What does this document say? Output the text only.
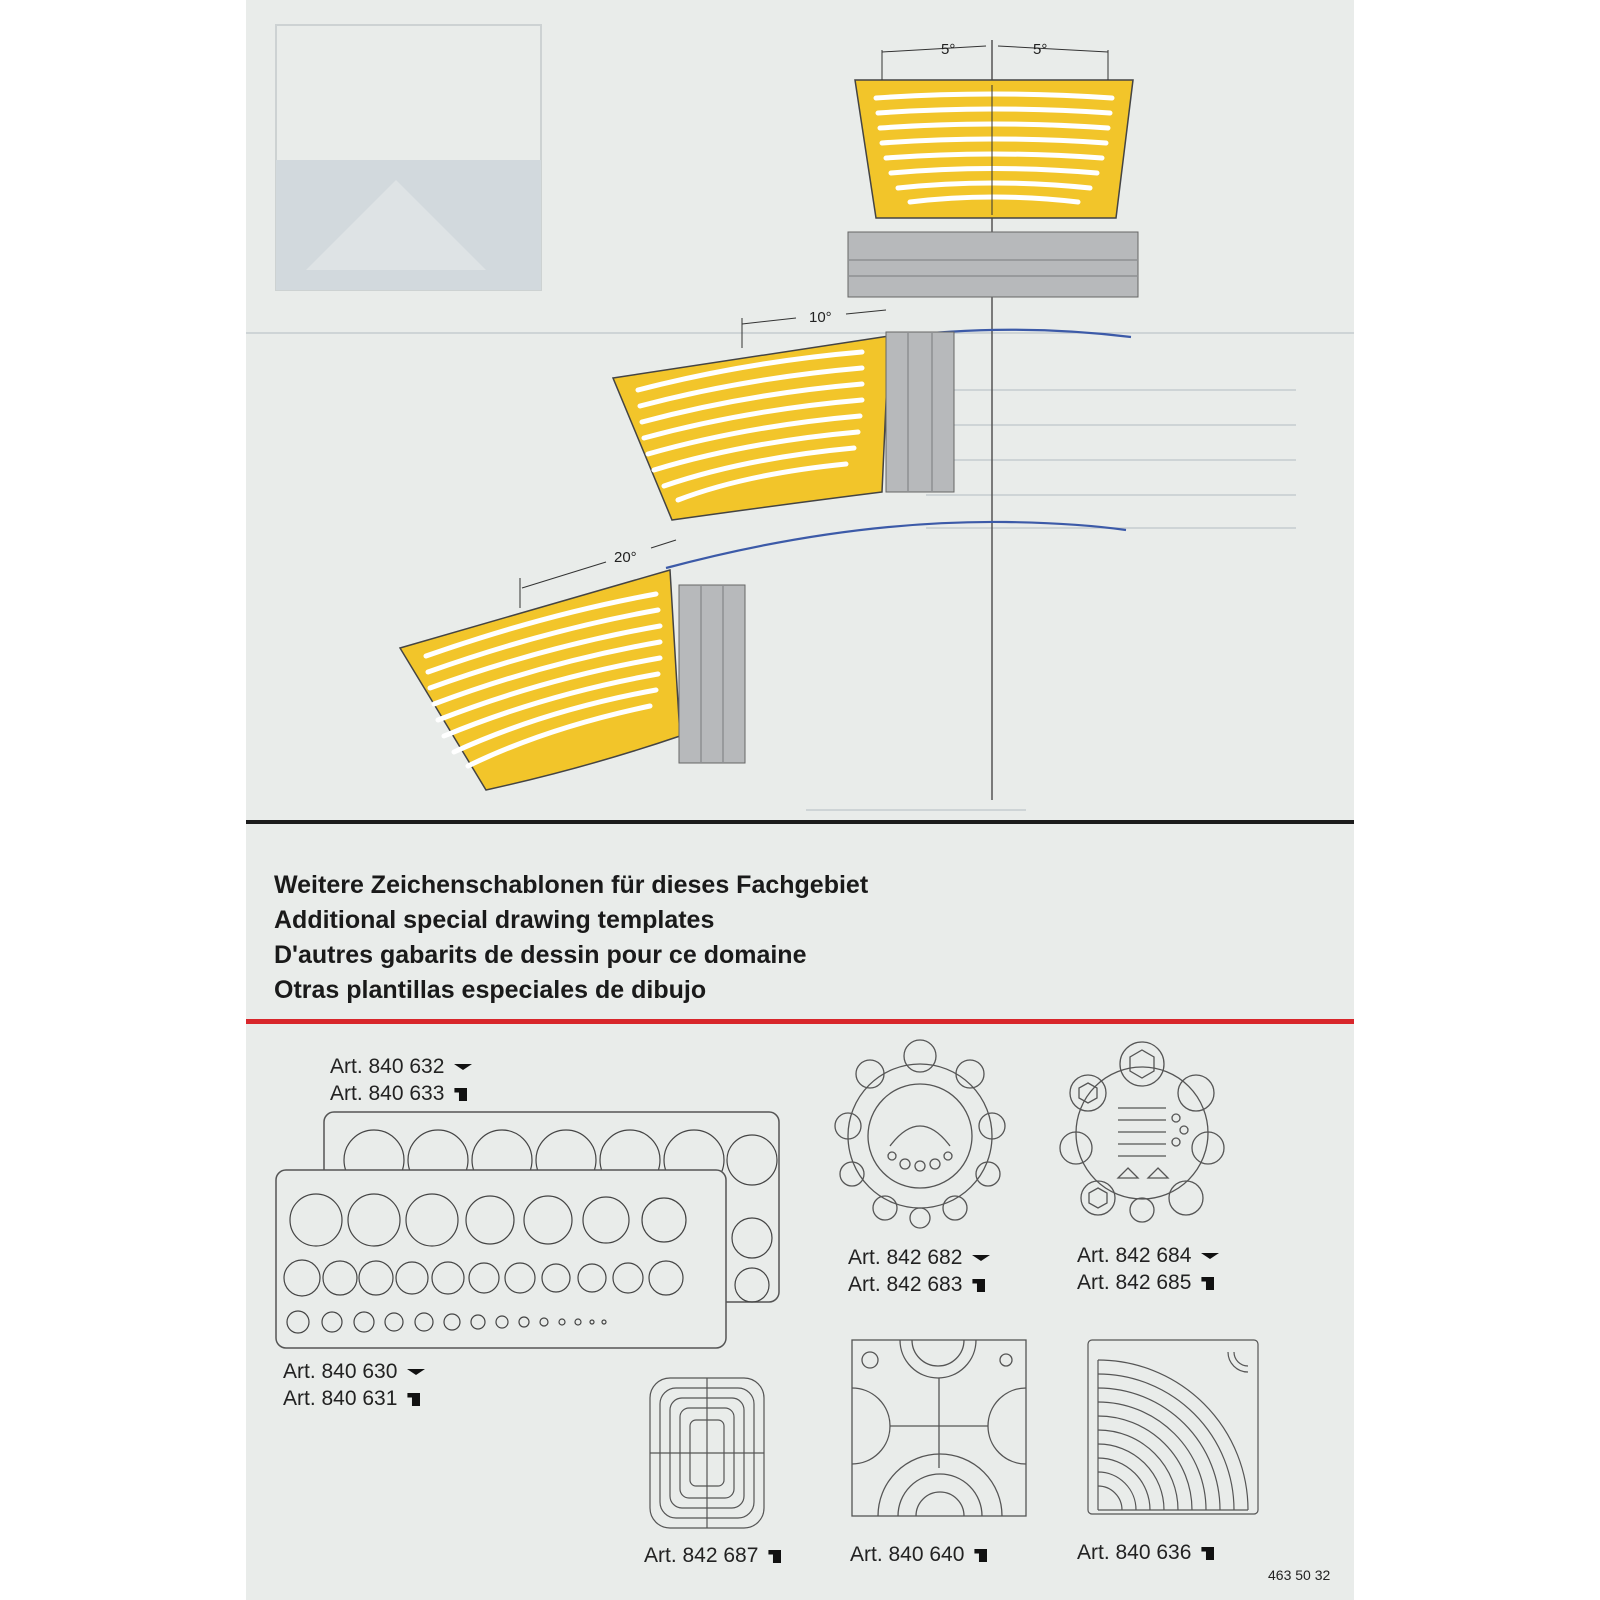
5°	5°
10°
20°
Weitere Zeichenschablonen für dieses Fachgebiet
Additional special drawing templates
D'autres gabarits de dessin pour ce domaine
Otras plantillas especiales de dibujo
Art. 840 632
Art. 840 633
Art. 840 630
Art. 840 631
Art. 842 682
Art. 842 683
Art. 842 684
Art. 842 685
Art. 842 687	Art. 840 640	Art. 840 636
463 50 32
